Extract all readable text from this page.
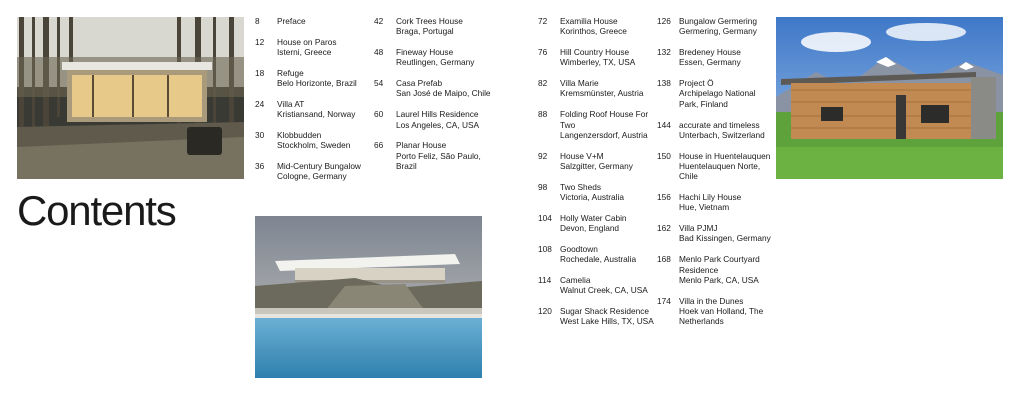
Contents
8	Preface
12	House on Paros
Isterni, Greece
18	Refuge
Belo Horizonte, Brazil
24	Villa AT
Kristiansand, Norway
30	Klobbudden
Stockholm, Sweden
36	Mid-Century Bungalow
Cologne, Germany
42	Cork Trees House
Braga, Portugal
48	Fineway House
Reutlingen, Germany
54	Casa Prefab
San José de Maipo, Chile
60	Laurel Hills Residence
Los Angeles, CA, USA
66	Planar House
Porto Feliz, São Paulo, Brazil
72	Examilia House
Korinthos, Greece
76	Hill Country House
Wimberley, TX, USA
82	Villa Marie
Kremsmünster, Austria
88	Folding Roof House For Two
Langenzersdorf, Austria
92	House V+M
Salzgitter, Germany
98	Two Sheds
Victoria, Australia
104 Holly Water Cabin
Devon, England
108 Goodtown
Rochedale, Australia
114	Camelia
Walnut Creek, CA, USA
120 Sugar Shack Residence
West Lake Hills, TX, USA
126 Bungalow Germering
Germering, Germany
132 Bredeney House
Essen, Germany
138 Project Ö
Archipelago National Park, Finland
144 accurate and timeless
Unterbach, Switzerland
150 House in Huentelauquen
Huentelauquen Norte, Chile
156 Hachi Lily House
Hue, Vietnam
162 Villa PJMJ
Bad Kissingen, Germany
168 Menlo Park Courtyard Residence
Menlo Park, CA, USA
174 Villa in the Dunes
Hoek van Holland, The Netherlands
